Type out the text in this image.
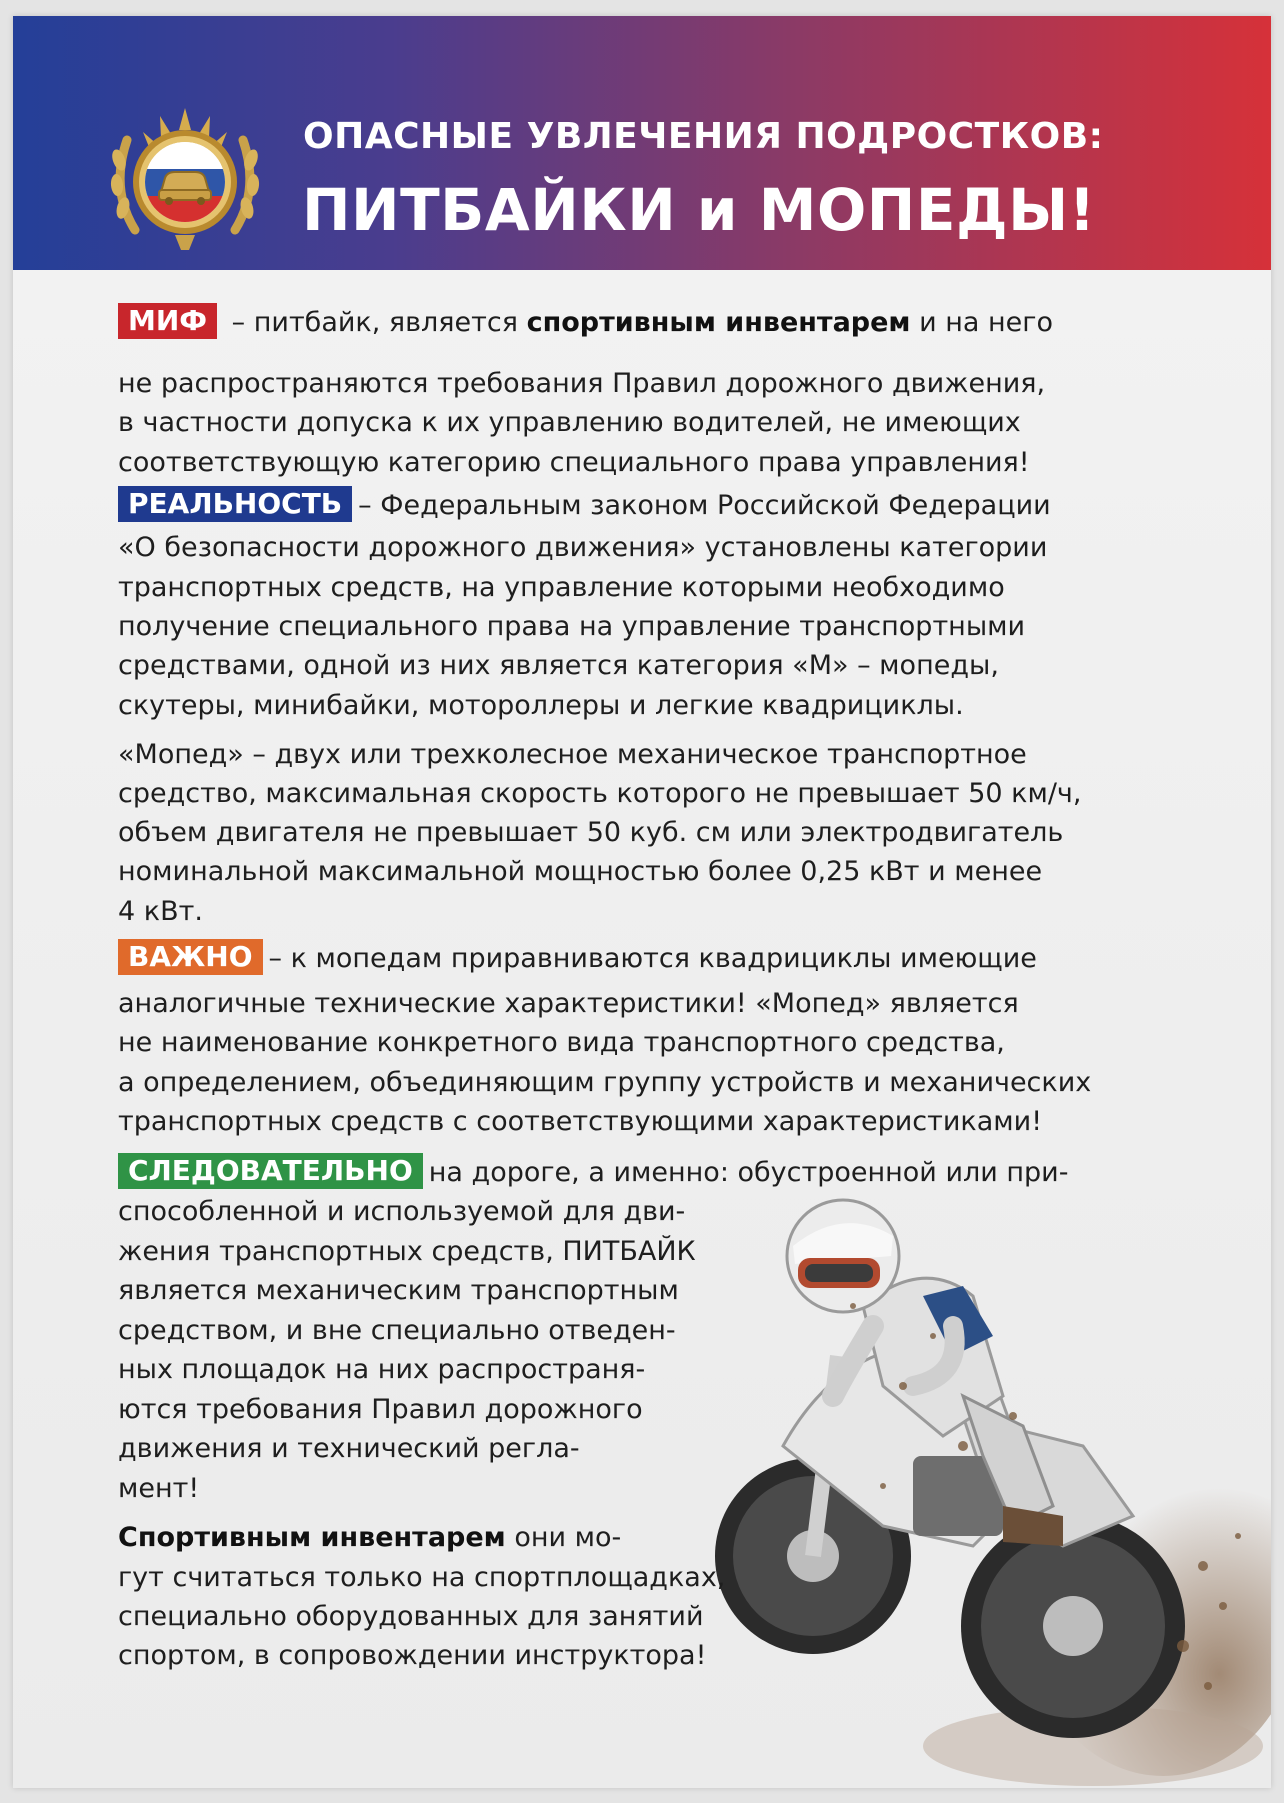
ОПАСНЫЕ УВЛЕЧЕНИЯ ПОДРОСТКОВ:
ПИТБАЙКИ и МОПЕДЫ!
МИФ – питбайк, является спортивным инвентарем и на него
не распространяются требования Правил дорожного движения,
в частности допуска к их управлению водителей, не имеющих
соответствующую категорию специального права управления!
РЕАЛЬНОСТЬ – Федеральным законом Российской Федерации
«О безопасности дорожного движения» установлены категории
транспортных средств, на управление которыми необходимо
получение специального права на управление транспортными
средствами, одной из них является категория «М» – мопеды,
скутеры, минибайки, мотороллеры и легкие квадрициклы.
«Мопед» – двух или трехколесное механическое транспортное
средство, максимальная скорость которого не превышает 50 км/ч,
объем двигателя не превышает 50 куб. см или электродвигатель
номинальной максимальной мощностью более 0,25 кВт и менее
4 кВт.
ВАЖНО – к мопедам приравниваются квадрициклы имеющие
аналогичные технические характеристики! «Мопед» является
не наименование конкретного вида транспортного средства,
а определением, объединяющим группу устройств и механических
транспортных средств с соответствующими характеристиками!
СЛЕДОВАТЕЛЬНО на дороге, а именно: обустроенной или при-
способленной и используемой для дви-
жения транспортных средств, ПИТБАЙК
является механическим транспортным
средством, и вне специально отведен-
ных площадок на них распространя-
ются требования Правил дорожного
движения и технический регла-
мент!
Спортивным инвентарем они мо-
гут считаться только на спортплощадках,
специально оборудованных для занятий
спортом, в сопровождении инструктора!
